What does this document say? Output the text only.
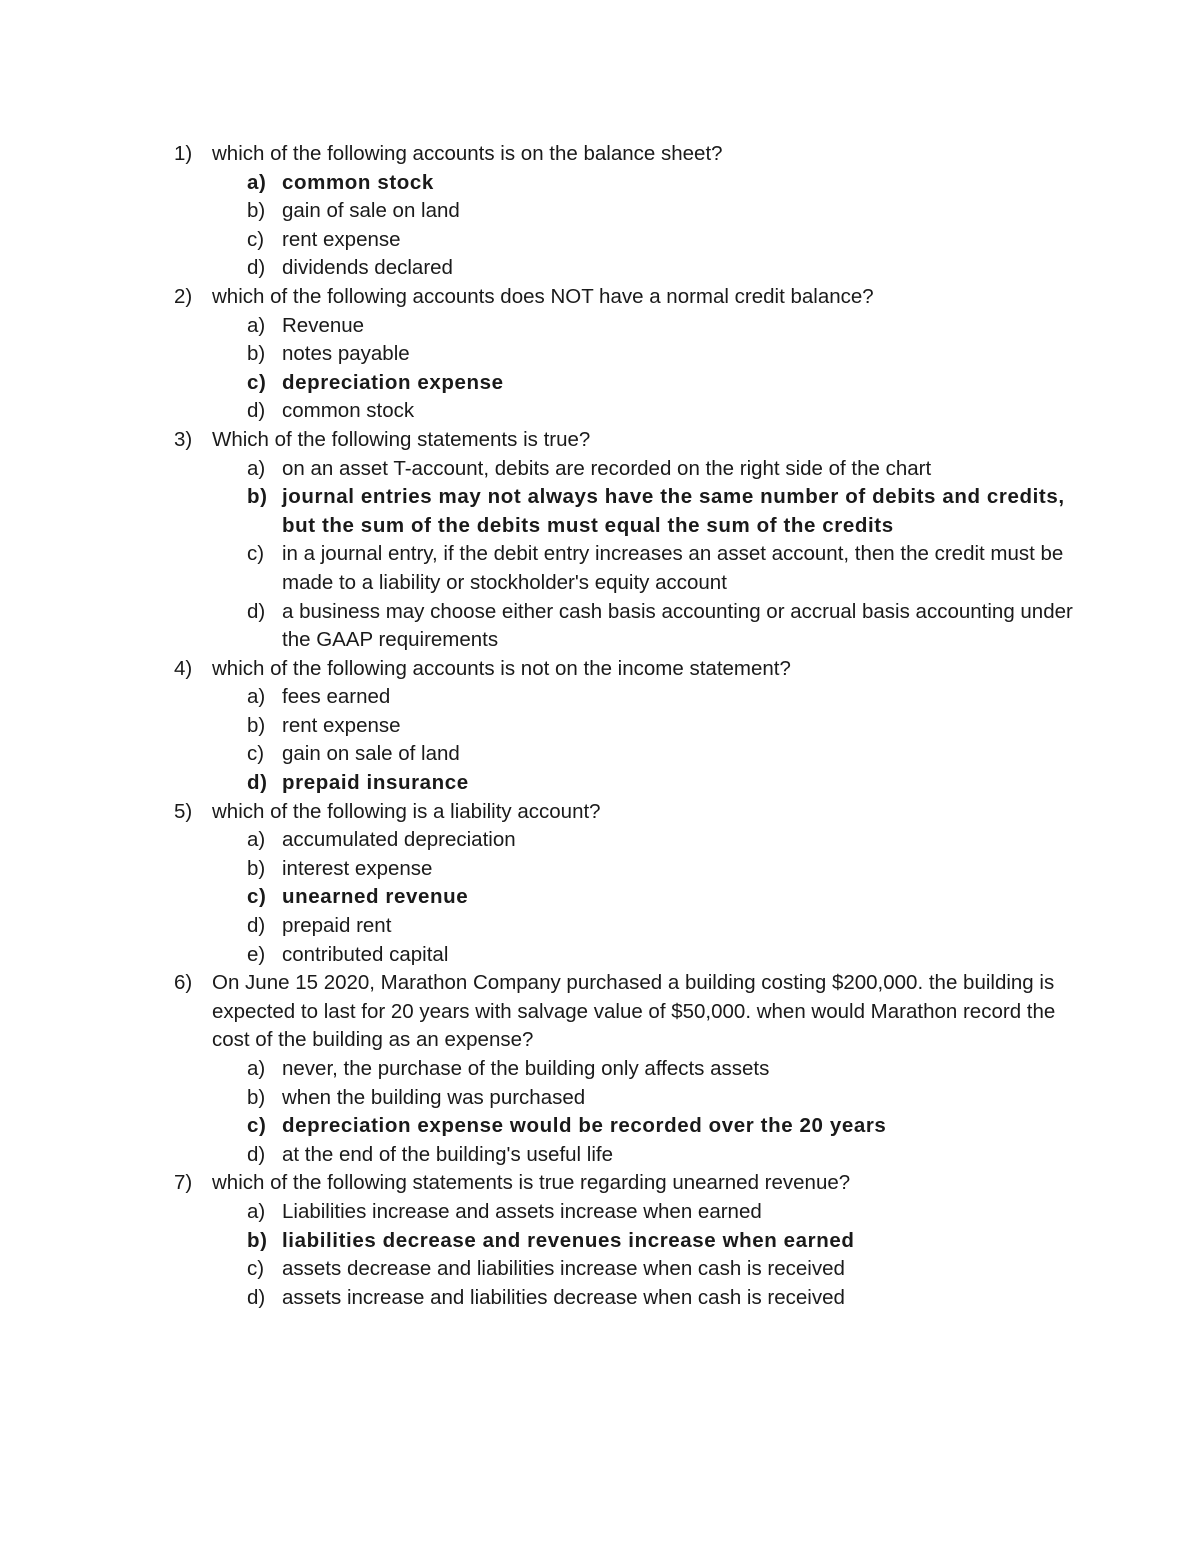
1) which of the following accounts is on the balance sheet?
a) common stock
b) gain of sale on land
c) rent expense
d) dividends declared
2) which of the following accounts does NOT have a normal credit balance?
a) Revenue
b) notes payable
c) depreciation expense
d) common stock
3) Which of the following statements is true?
a) on an asset T-account, debits are recorded on the right side of the chart
b) journal entries may not always have the same number of debits and credits, but the sum of the debits must equal the sum of the credits
c) in a journal entry, if the debit entry increases an asset account, then the credit must be made to a liability or stockholder's equity account
d) a business may choose either cash basis accounting or accrual basis accounting under the GAAP requirements
4) which of the following accounts is not on the income statement?
a) fees earned
b) rent expense
c) gain on sale of land
d) prepaid insurance
5) which of the following is a liability account?
a) accumulated depreciation
b) interest expense
c) unearned revenue
d) prepaid rent
e) contributed capital
6) On June 15 2020, Marathon Company purchased a building costing $200,000. the building is expected to last for 20 years with salvage value of $50,000. when would Marathon record the cost of the building as an expense?
a) never, the purchase of the building only affects assets
b) when the building was purchased
c) depreciation expense would be recorded over the 20 years
d) at the end of the building's useful life
7) which of the following statements is true regarding unearned revenue?
a) Liabilities increase and assets increase when earned
b) liabilities decrease and revenues increase when earned
c) assets decrease and liabilities increase when cash is received
d) assets increase and liabilities decrease when cash is received
